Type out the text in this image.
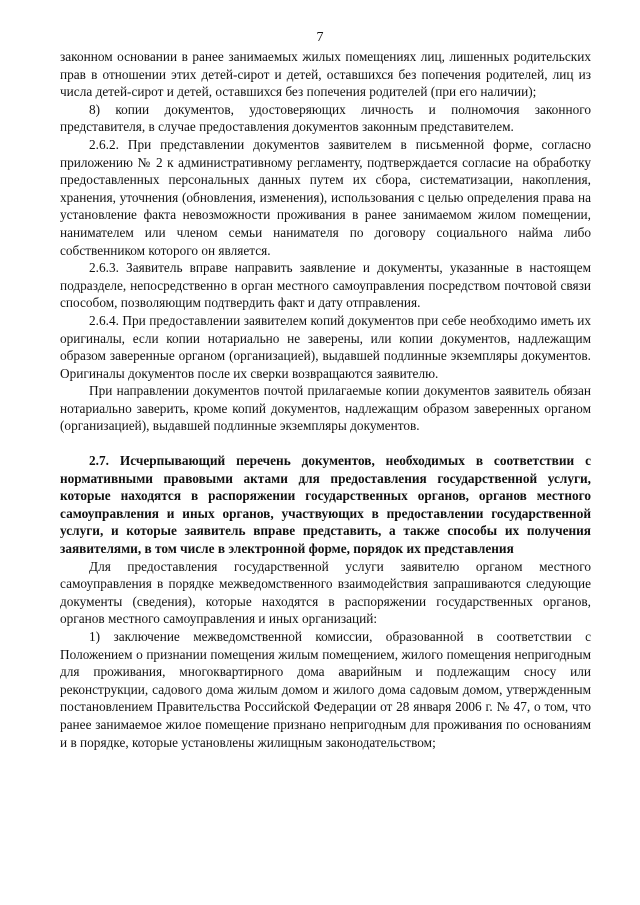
7

законном основании в ранее занимаемых жилых помещениях лиц, лишенных родительских прав в отношении этих детей-сирот и детей, оставшихся без попечения родителей, лиц из числа детей-сирот и детей, оставшихся без попечения родителей (при его наличии);

8) копии документов, удостоверяющих личность и полномочия законного представителя, в случае предоставления документов законным представителем.

2.6.2. При представлении документов заявителем в письменной форме, согласно приложению № 2 к административному регламенту, подтверждается согласие на обработку предоставленных персональных данных путем их сбора, систематизации, накопления, хранения, уточнения (обновления, изменения), использования с целью определения права на установление факта невозможности проживания в ранее занимаемом жилом помещении, нанимателем или членом семьи нанимателя по договору социального найма либо собственником которого он является.

2.6.3. Заявитель вправе направить заявление и документы, указанные в настоящем подразделе, непосредственно в орган местного самоуправления посредством почтовой связи способом, позволяющим подтвердить факт и дату отправления.

2.6.4. При предоставлении заявителем копий документов при себе необходимо иметь их оригиналы, если копии нотариально не заверены, или копии документов, надлежащим образом заверенные органом (организацией), выдавшей подлинные экземпляры документов. Оригиналы документов после их сверки возвращаются заявителю.

При направлении документов почтой прилагаемые копии документов заявитель обязан нотариально заверить, кроме копий документов, надлежащим образом заверенных органом (организацией), выдавшей подлинные экземпляры документов.

2.7. Исчерпывающий перечень документов, необходимых в соответствии с нормативными правовыми актами для предоставления государственной услуги, которые находятся в распоряжении государственных органов, органов местного самоуправления и иных органов, участвующих в предоставлении государственной услуги, и которые заявитель вправе представить, а также способы их получения заявителями, в том числе в электронной форме, порядок их представления

Для предоставления государственной услуги заявителю органом местного самоуправления в порядке межведомственного взаимодействия запрашиваются следующие документы (сведения), которые находятся в распоряжении государственных органов, органов местного самоуправления и иных организаций:

1) заключение межведомственной комиссии, образованной в соответствии с Положением о признании помещения жилым помещением, жилого помещения непригодным для проживания, многоквартирного дома аварийным и подлежащим сносу или реконструкции, садового дома жилым домом и жилого дома садовым домом, утвержденным постановлением Правительства Российской Федерации от 28 января 2006 г. № 47, о том, что ранее занимаемое жилое помещение признано непригодным для проживания по основаниям и в порядке, которые установлены жилищным законодательством;
